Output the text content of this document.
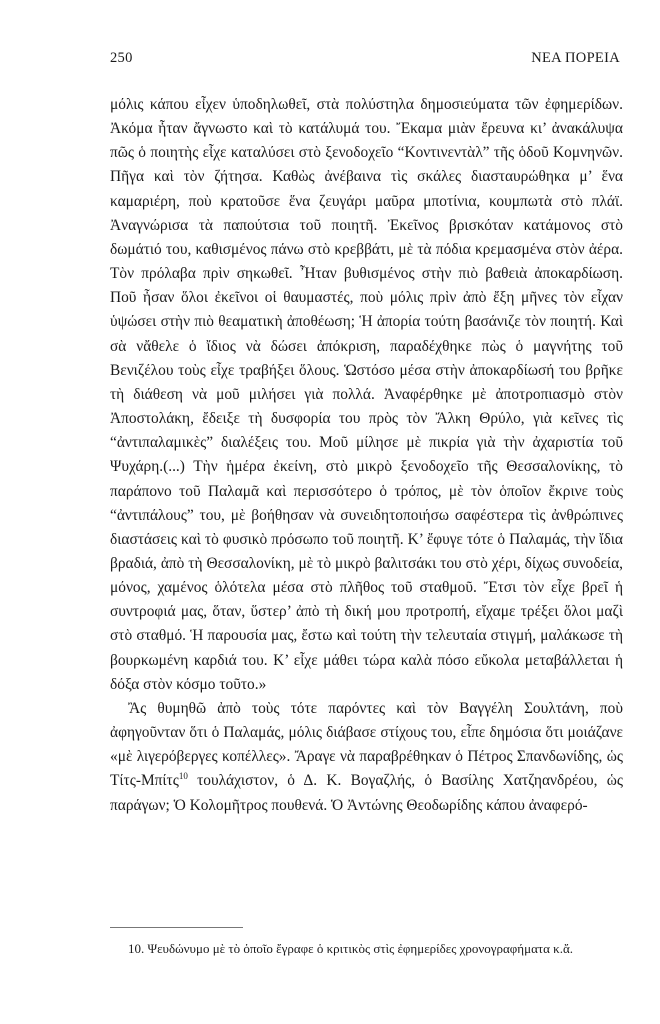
250	ΝΕΑ ΠΟΡΕΙΑ

μόλις κάπου εἶχεν ὑποδηλωθεῖ, στὰ πολύστηλα δημοσιεύματα τῶν ἐφημερίδων. Ἀκόμα ἦταν ἄγνωστο καὶ τὸ κατάλυμά του. Ἔκαμα μιὰν ἔρευνα κι’ ἀνακάλυψα πῶς ὁ ποιητὴς εἶχε καταλύσει στὸ ξενοδοχεῖο “Κοντινεντὰλ” τῆς ὁδοῦ Κομνηνῶν. Πῆγα καὶ τὸν ζήτησα. Καθὼς ἀνέβαινα τὶς σκάλες διασταυρώθηκα μ’ ἕνα καμαριέρη, ποὺ κρατοῦσε ἕνα ζευγάρι μαῦρα μποτίνια, κουμπωτὰ στὸ πλάϊ. Ἀναγνώρισα τὰ παπούτσια τοῦ ποιητῆ. Ἐκεῖνος βρισκόταν κατάμονος στὸ δωμάτιό του, καθισμένος πάνω στὸ κρεββάτι, μὲ τὰ πόδια κρεμασμένα στὸν ἀέρα. Τὸν πρόλαβα πρὶν σηκωθεῖ. Ἦταν βυθισμένος στὴν πιὸ βαθειὰ ἀποκαρδίωση. Ποῦ ἦσαν ὅλοι ἐκεῖνοι οἱ θαυμαστές, ποὺ μόλις πρὶν ἀπὸ ἔξη μῆνες τὸν εἶχαν ὑψώσει στὴν πιὸ θεαματικὴ ἀποθέωση; Ἡ ἀπορία τούτη βασάνιζε τὸν ποιητή. Καὶ σὰ νἄθελε ὁ ἴδιος νὰ δώσει ἀπόκριση, παραδέχθηκε πὼς ὁ μαγνήτης τοῦ Βενιζέλου τοὺς εἶχε τραβήξει ὅλους. Ὡστόσο μέσα στὴν ἀποκαρδίωσή του βρῆκε τὴ διάθεση νὰ μοῦ μιλήσει γιὰ πολλά. Ἀναφέρθηκε μὲ ἀποτροπιασμὸ στὸν Ἀποστολάκη, ἔδειξε τὴ δυσφορία του πρὸς τὸν Ἄλκη Θρύλο, γιὰ κεῖνες τὶς “ἀντιπαλαμικὲς” διαλέξεις του. Μοῦ μίλησε μὲ πικρία γιὰ τὴν ἀχαριστία τοῦ Ψυχάρη.(...) Τὴν ἡμέρα ἐκείνη, στὸ μικρὸ ξενοδοχεῖο τῆς Θεσσαλονίκης, τὸ παράπονο τοῦ Παλαμᾶ καὶ περισσότερο ὁ τρόπος, μὲ τὸν ὁποῖον ἔκρινε τοὺς “ἀντιπάλους” του, μὲ βοήθησαν νὰ συνειδητοποιήσω σαφέστερα τὶς ἀνθρώπινες διαστάσεις καὶ τὸ φυσικὸ πρόσωπο τοῦ ποιητῆ. Κ’ ἔφυγε τότε ὁ Παλαμάς, τὴν ἴδια βραδιά, ἀπὸ τὴ Θεσσαλονίκη, μὲ τὸ μικρὸ βαλιτσάκι του στὸ χέρι, δίχως συνοδεία, μόνος, χαμένος ὁλότελα μέσα στὸ πλῆθος τοῦ σταθμοῦ. Ἔτσι τὸν εἶχε βρεῖ ἡ συντροφιά μας, ὅταν, ὕστερ’ ἀπὸ τὴ δική μου προτροπή, εἴχαμε τρέξει ὅλοι μαζὶ στὸ σταθμό. Ἡ παρουσία μας, ἔστω καὶ τούτη τὴν τελευταία στιγμή, μαλάκωσε τὴ βουρκωμένη καρδιά του. Κ’ εἶχε μάθει τώρα καλὰ πόσο εὔκολα μεταβάλλεται ἡ δόξα στὸν κόσμο τοῦτο.»

Ἂς θυμηθῶ ἀπὸ τοὺς τότε παρόντες καὶ τὸν Βαγγέλη Σουλτάνη, ποὺ ἀφηγοῦνταν ὅτι ὁ Παλαμάς, μόλις διάβασε στίχους του, εἶπε δημόσια ὅτι μοιάζανε «μὲ λιγερόβεργες κοπέλλες». Ἄραγε νὰ παραβρέθηκαν ὁ Πέτρος Σπανδωνίδης, ὡς Τίτς-Μπίτς$^{10}$ τουλάχιστον, ὁ Δ. Κ. Βογαζλής, ὁ Βασίλης Χατζηανδρέου, ὡς παράγων; Ὁ Κολομῆτρος πουθενά. Ὁ Ἀντώνης Θεοδωρίδης κάπου ἀναφερό-

10. Ψευδώνυμο μὲ τὸ ὁποῖο ἔγραφε ὁ κριτικὸς στὶς ἐφημερίδες χρονογραφήματα κ.ἄ.
